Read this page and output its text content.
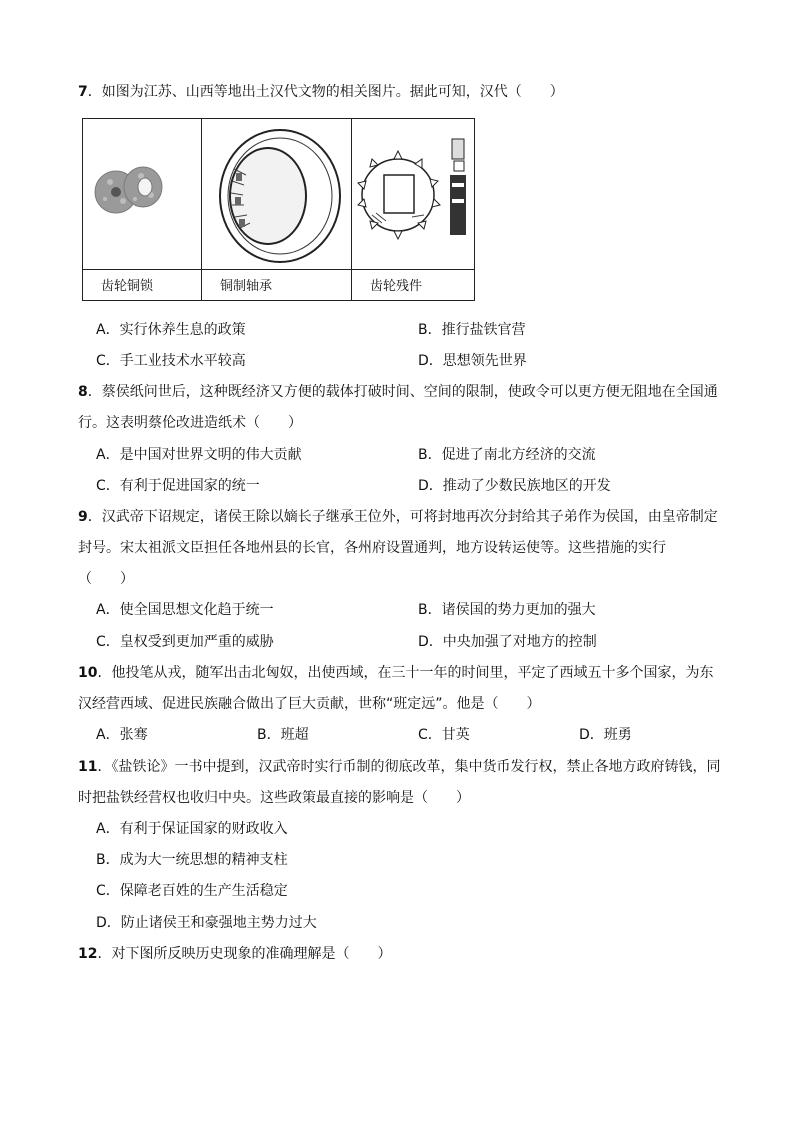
7．如图为江苏、山西等地出土汉代文物的相关图片。据此可知，汉代（　　）
齿轮铜锁	铜制轴承	齿轮残件
A．实行休养生息的政策	B．推行盐铁官营
C．手工业技术水平较高	D．思想领先世界
8．蔡侯纸问世后，这种既经济又方便的载体打破时间、空间的限制，使政令可以更方便无阻地在全国通
行。这表明蔡伦改进造纸术（　　）
A．是中国对世界文明的伟大贡献	B．促进了南北方经济的交流
C．有利于促进国家的统一	D．推动了少数民族地区的开发
9．汉武帝下诏规定，诸侯王除以嫡长子继承王位外，可将封地再次分封给其子弟作为侯国，由皇帝制定
封号。宋太祖派文臣担任各地州县的长官，各州府设置通判，地方设转运使等。这些措施的实行
（　　）
A．使全国思想文化趋于统一	B．诸侯国的势力更加的强大
C．皇权受到更加严重的威胁	D．中央加强了对地方的控制
10．他投笔从戎，随军出击北匈奴，出使西域，在三十一年的时间里，平定了西域五十多个国家，为东
汉经营西域、促进民族融合做出了巨大贡献，世称“班定远”。他是（　　）
A．张骞	B．班超	C．甘英	D．班勇
11．《盐铁论》一书中提到，汉武帝时实行币制的彻底改革，集中货币发行权，禁止各地方政府铸钱，同
时把盐铁经营权也收归中央。这些政策最直接的影响是（　　）
A．有利于保证国家的财政收入
B．成为大一统思想的精神支柱
C．保障老百姓的生产生活稳定
D．防止诸侯王和豪强地主势力过大
12．对下图所反映历史现象的准确理解是（　　）
